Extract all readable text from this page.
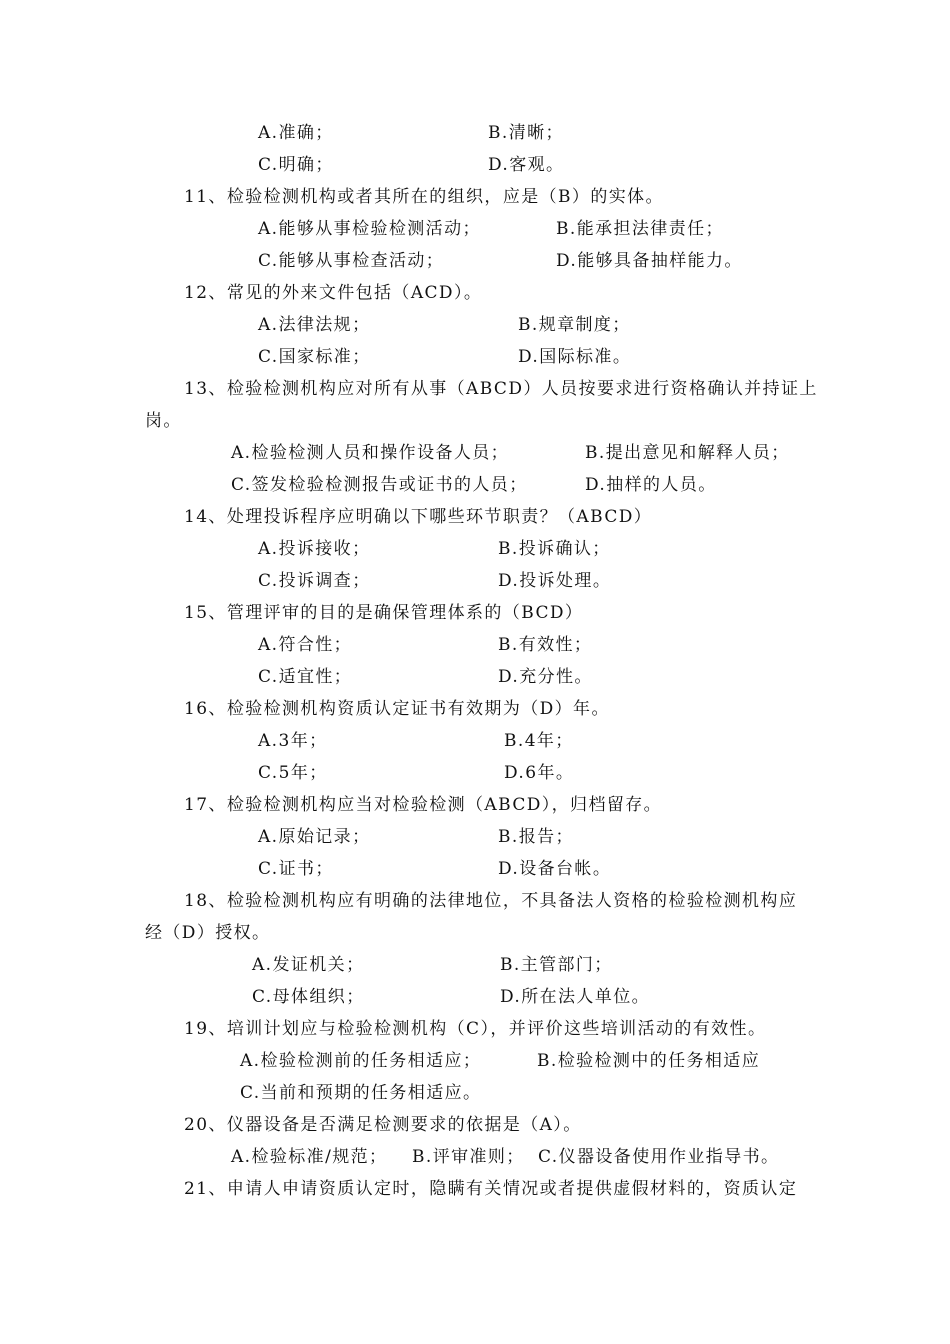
A.准确；	B.清晰；
C.明确；	D.客观。
11、检验检测机构或者其所在的组织，应是（B）的实体。
A.能够从事检验检测活动；	B.能承担法律责任；
C.能够从事检查活动；	D.能够具备抽样能力。
12、常见的外来文件包括（ACD）。
A.法律法规；	B.规章制度；
C.国家标准；	D.国际标准。
13、检验检测机构应对所有从事（ABCD）人员按要求进行资格确认并持证上
岗。
A.检验检测人员和操作设备人员；	B.提出意见和解释人员；
C.签发检验检测报告或证书的人员；	D.抽样的人员。
14、处理投诉程序应明确以下哪些环节职责？（ABCD）
A.投诉接收；	B.投诉确认；
C.投诉调查；	D.投诉处理。
15、管理评审的目的是确保管理体系的（BCD）
A.符合性；	B.有效性；
C.适宜性；	D.充分性。
16、检验检测机构资质认定证书有效期为（D）年。
A.3年；	B.4年；
C.5年；	D.6年。
17、检验检测机构应当对检验检测（ABCD），归档留存。
A.原始记录；	B.报告；
C.证书；	D.设备台帐。
18、检验检测机构应有明确的法律地位，不具备法人资格的检验检测机构应
经（D）授权。
A.发证机关；	B.主管部门；
C.母体组织；	D.所在法人单位。
19、培训计划应与检验检测机构（C），并评价这些培训活动的有效性。
A.检验检测前的任务相适应；	B.检验检测中的任务相适应
C.当前和预期的任务相适应。
20、仪器设备是否满足检测要求的依据是（A）。
A.检验标准/规范； B.评审准则； C.仪器设备使用作业指导书。
21、申请人申请资质认定时，隐瞒有关情况或者提供虚假材料的，资质认定
